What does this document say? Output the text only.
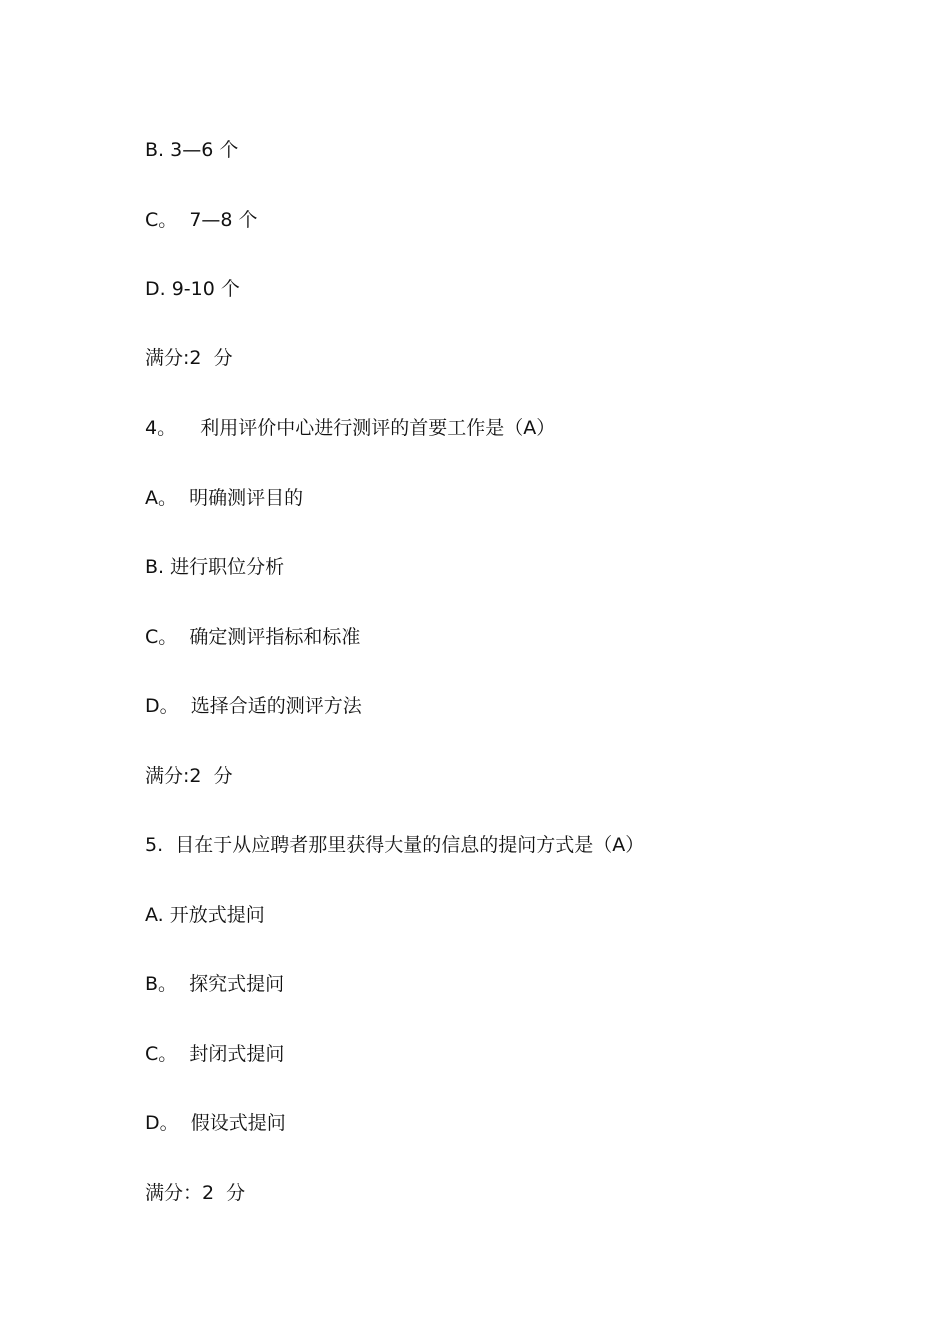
B. 3—6 个
C。  7—8 个
D. 9-10 个
满分:2  分
4。    利用评价中心进行测评的首要工作是（A）
A。  明确测评目的
B. 进行职位分析
C。  确定测评指标和标准
D。  选择合适的测评方法
满分:2  分
5.  目在于从应聘者那里获得大量的信息的提问方式是（A）
A. 开放式提问
B。  探究式提问
C。  封闭式提问
D。  假设式提问
满分：2  分
